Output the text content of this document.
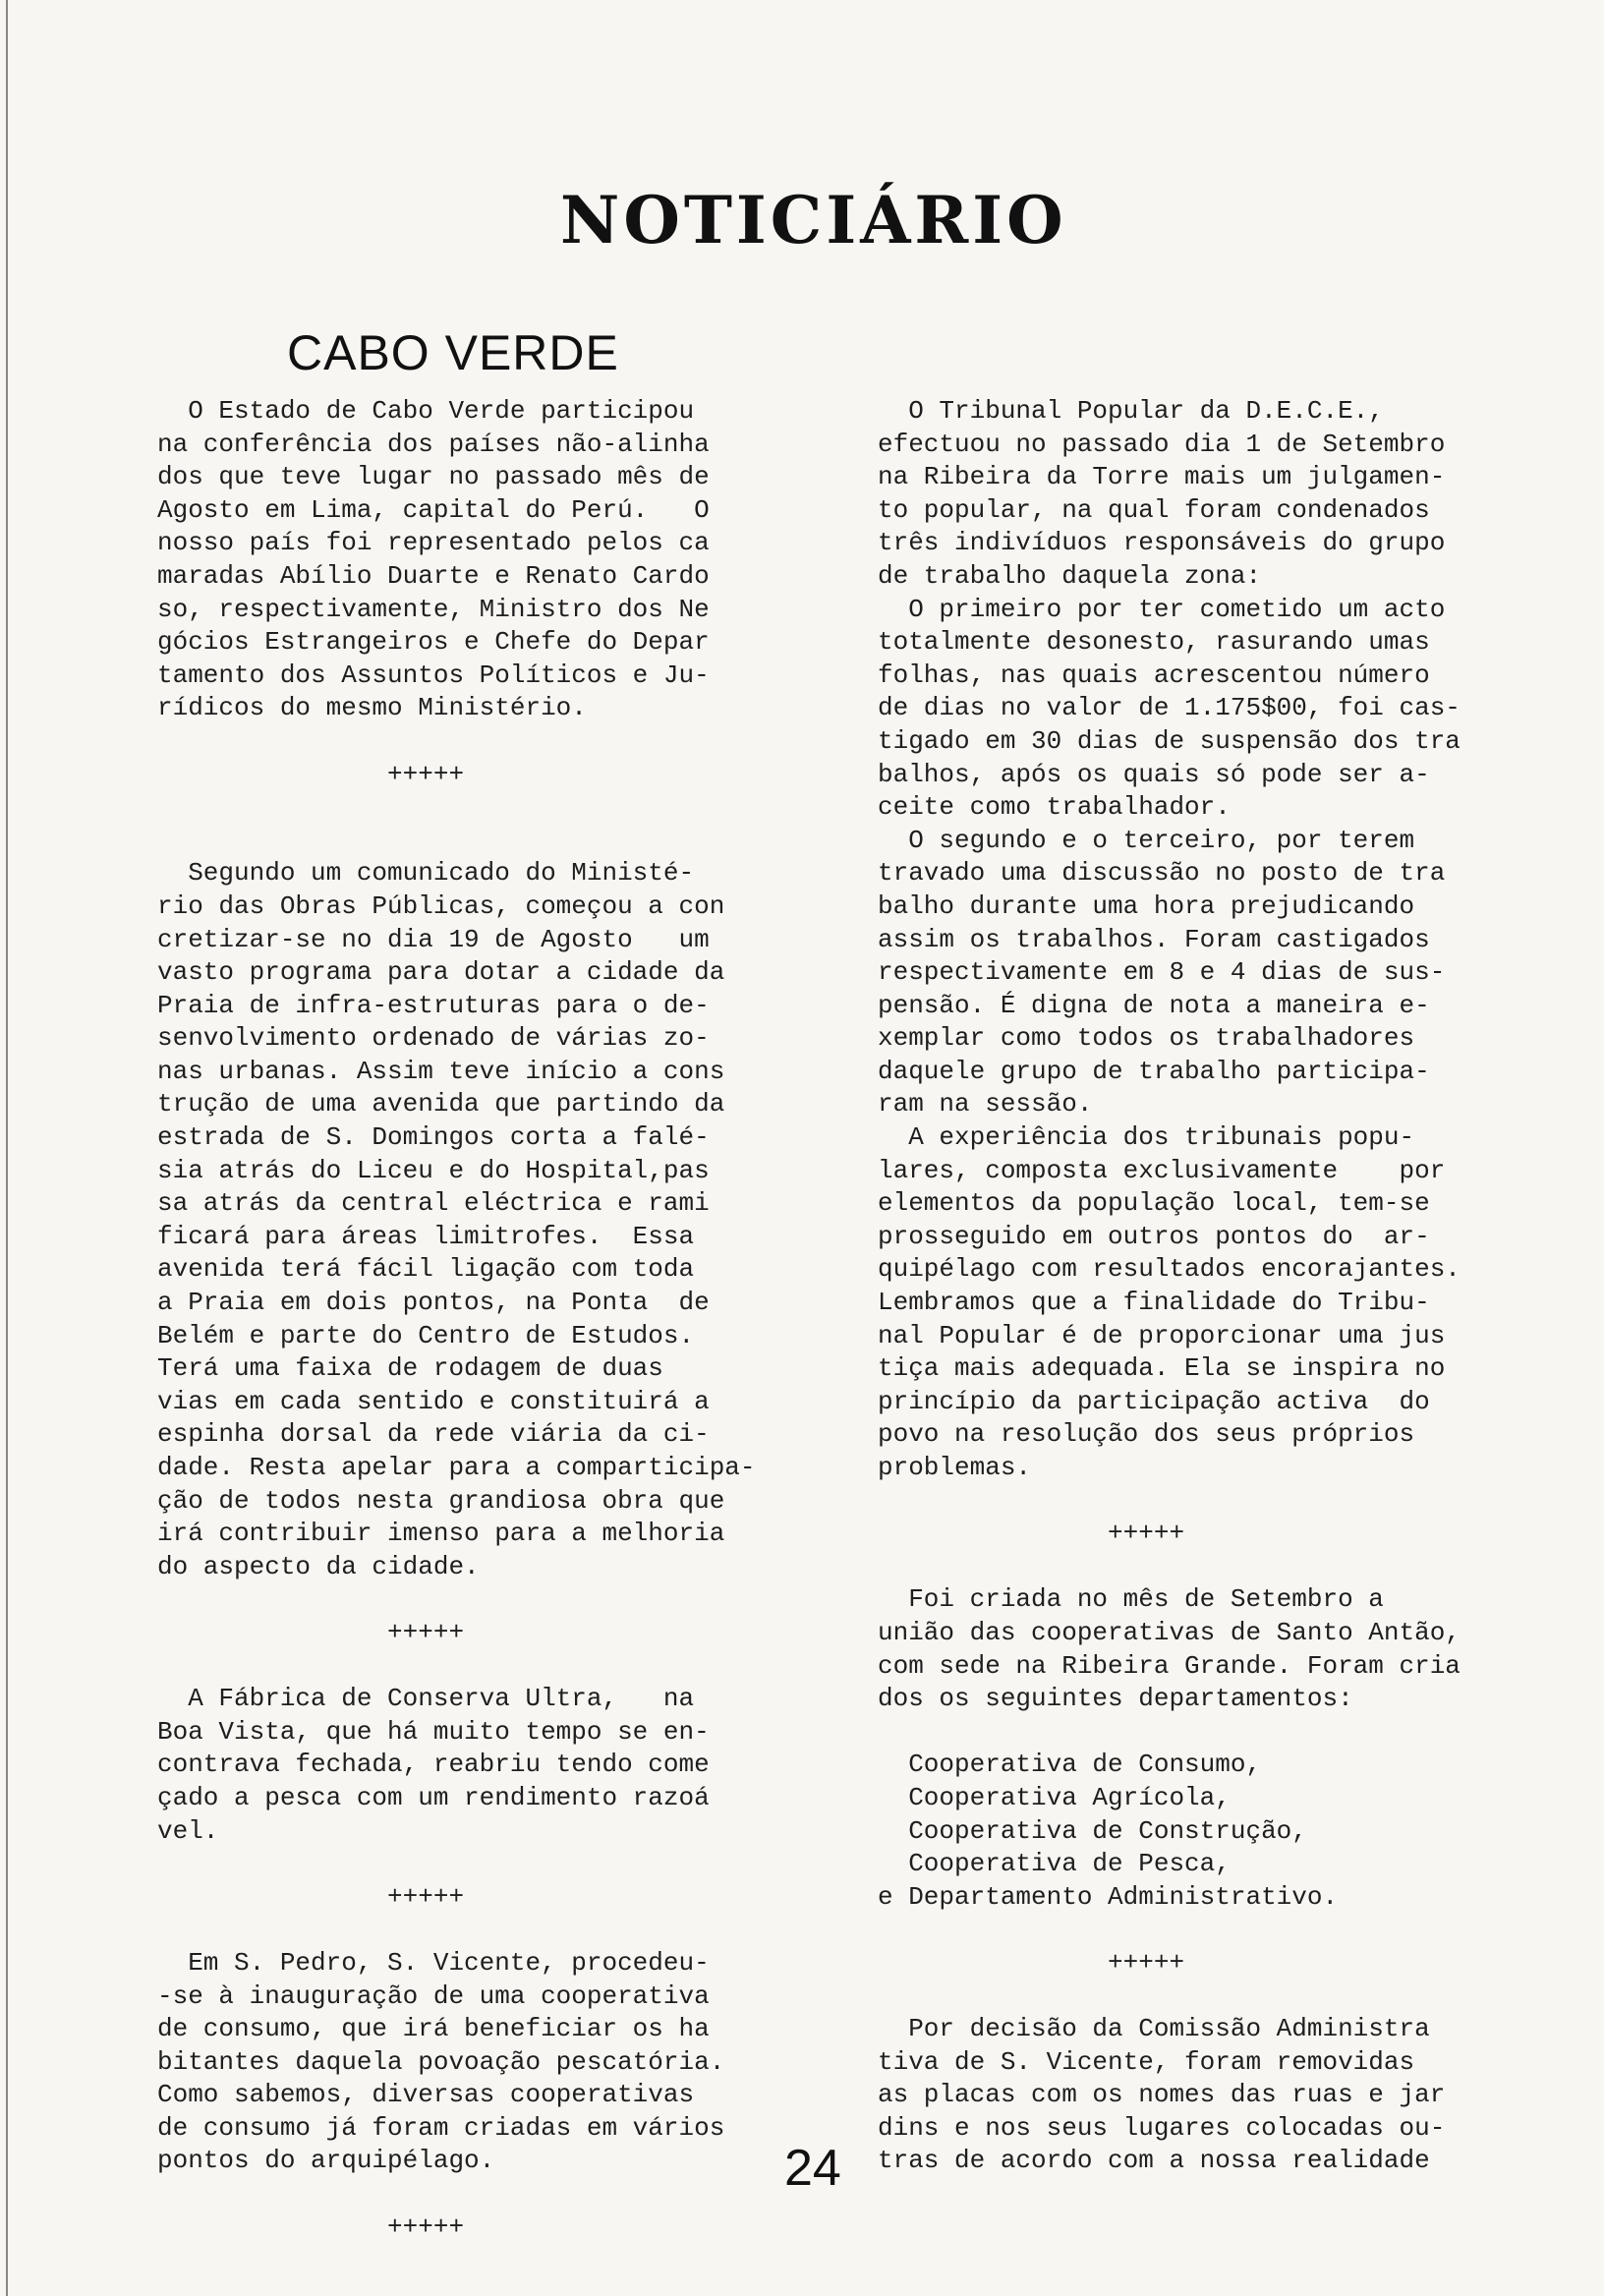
NOTICIÁRIO
CABO VERDE
O Estado de Cabo Verde participou
na conferência dos países não-alinha
dos que teve lugar no passado mês de
Agosto em Lima, capital do Perú.   O
nosso país foi representado pelos ca
maradas Abílio Duarte e Renato Cardo
so, respectivamente, Ministro dos Ne
gócios Estrangeiros e Chefe do Depar
tamento dos Assuntos Políticos e Ju-
rídicos do mesmo Ministério.
+++++
Segundo um comunicado do Ministé-
rio das Obras Públicas, começou a con
cretizar-se no dia 19 de Agosto   um
vasto programa para dotar a cidade da
Praia de infra-estruturas para o de-
senvolvimento ordenado de várias zo-
nas urbanas. Assim teve início a cons
trução de uma avenida que partindo da
estrada de S. Domingos corta a falé-
sia atrás do Liceu e do Hospital,pas
sa atrás da central eléctrica e rami
ficará para áreas limitrofes.  Essa
avenida terá fácil ligação com toda
a Praia em dois pontos, na Ponta  de
Belém e parte do Centro de Estudos.
Terá uma faixa de rodagem de duas
vias em cada sentido e constituirá a
espinha dorsal da rede viária da ci-
dade. Resta apelar para a comparticipa-
ção de todos nesta grandiosa obra que
irá contribuir imenso para a melhoria
do aspecto da cidade.
+++++
A Fábrica de Conserva Ultra,   na
Boa Vista, que há muito tempo se en-
contrava fechada, reabriu tendo come
çado a pesca com um rendimento razoá
vel.
+++++
Em S. Pedro, S. Vicente, procedeu-
-se à inauguração de uma cooperativa
de consumo, que irá beneficiar os ha
bitantes daquela povoação pescatória.
Como sabemos, diversas cooperativas
de consumo já foram criadas em vários
pontos do arquipélago.
+++++
O Tribunal Popular da D.E.C.E.,
efectuou no passado dia 1 de Setembro
na Ribeira da Torre mais um julgamen-
to popular, na qual foram condenados
três indivíduos responsáveis do grupo
de trabalho daquela zona:
O primeiro por ter cometido um acto
totalmente desonesto, rasurando umas
folhas, nas quais acrescentou número
de dias no valor de 1.175$00, foi cas-
tigado em 30 dias de suspensão dos tra
balhos, após os quais só pode ser a-
ceite como trabalhador.
O segundo e o terceiro, por terem
travado uma discussão no posto de tra
balho durante uma hora prejudicando
assim os trabalhos. Foram castigados
respectivamente em 8 e 4 dias de sus-
pensão. É digna de nota a maneira e-
xemplar como todos os trabalhadores
daquele grupo de trabalho participa-
ram na sessão.
A experiência dos tribunais popu-
lares, composta exclusivamente    por
elementos da população local, tem-se
prosseguido em outros pontos do  ar-
quipélago com resultados encorajantes.
Lembramos que a finalidade do Tribu-
nal Popular é de proporcionar uma jus
tiça mais adequada. Ela se inspira no
princípio da participação activa  do
povo na resolução dos seus próprios
problemas.
+++++
Foi criada no mês de Setembro a
união das cooperativas de Santo Antão,
com sede na Ribeira Grande. Foram cria
dos os seguintes departamentos:
Cooperativa de Consumo,
Cooperativa Agrícola,
Cooperativa de Construção,
Cooperativa de Pesca,
e Departamento Administrativo.
+++++
Por decisão da Comissão Administra
tiva de S. Vicente, foram removidas
as placas com os nomes das ruas e jar
dins e nos seus lugares colocadas ou-
tras de acordo com a nossa realidade
24
